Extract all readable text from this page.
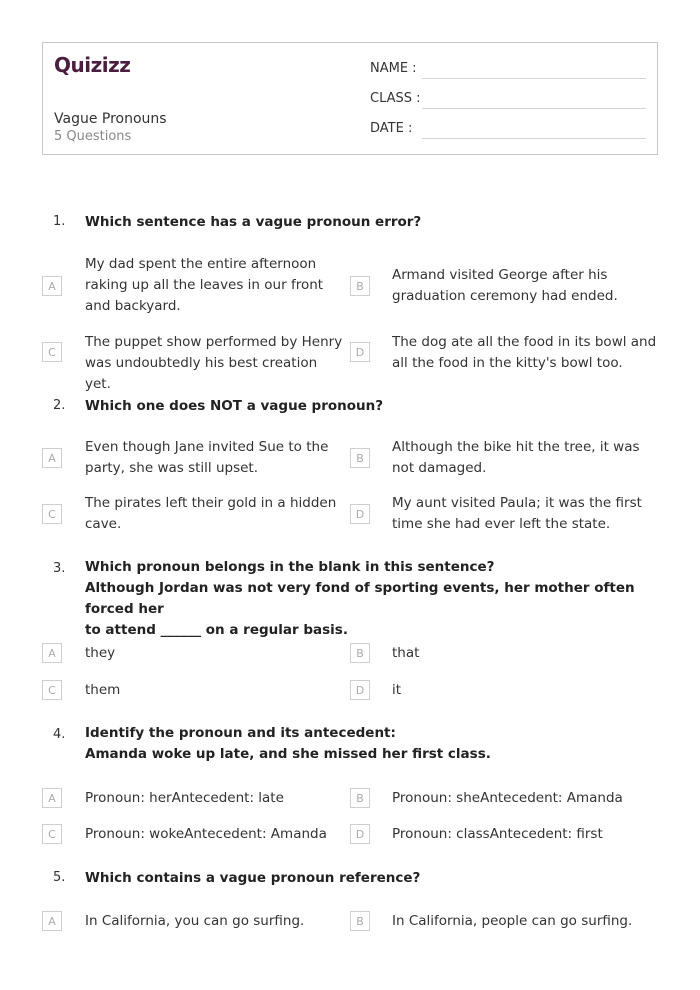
Quizizz
Vague Pronouns
5 Questions
NAME :
CLASS :
DATE :
1. Which sentence has a vague pronoun error?
A
My dad spent the entire afternoon raking up all the leaves in our front and backyard.
B
Armand visited George after his graduation ceremony had ended.
C
The puppet show performed by Henry was undoubtedly his best creation yet.
D
The dog ate all the food in its bowl and all the food in the kitty's bowl too.
2. Which one does NOT a vague pronoun?
A
Even though Jane invited Sue to the party, she was still upset.
B
Although the bike hit the tree, it was not damaged.
C
The pirates left their gold in a hidden cave.
D
My aunt visited Paula; it was the first time she had ever left the state.
3. Which pronoun belongs in the blank in this sentence?
Although Jordan was not very fond of sporting events, her mother often forced her
to attend ______ on a regular basis.
A	they	B	that
C	them	D	it
4. Identify the pronoun and its antecedent:
Amanda woke up late, and she missed her first class.
A	Pronoun: herAntecedent: late	B	Pronoun: sheAntecedent: Amanda
C	Pronoun: wokeAntecedent: Amanda	D	Pronoun: classAntecedent: first
5. Which contains a vague pronoun reference?
A	In California, you can go surfing.	B	In California, people can go surfing.
